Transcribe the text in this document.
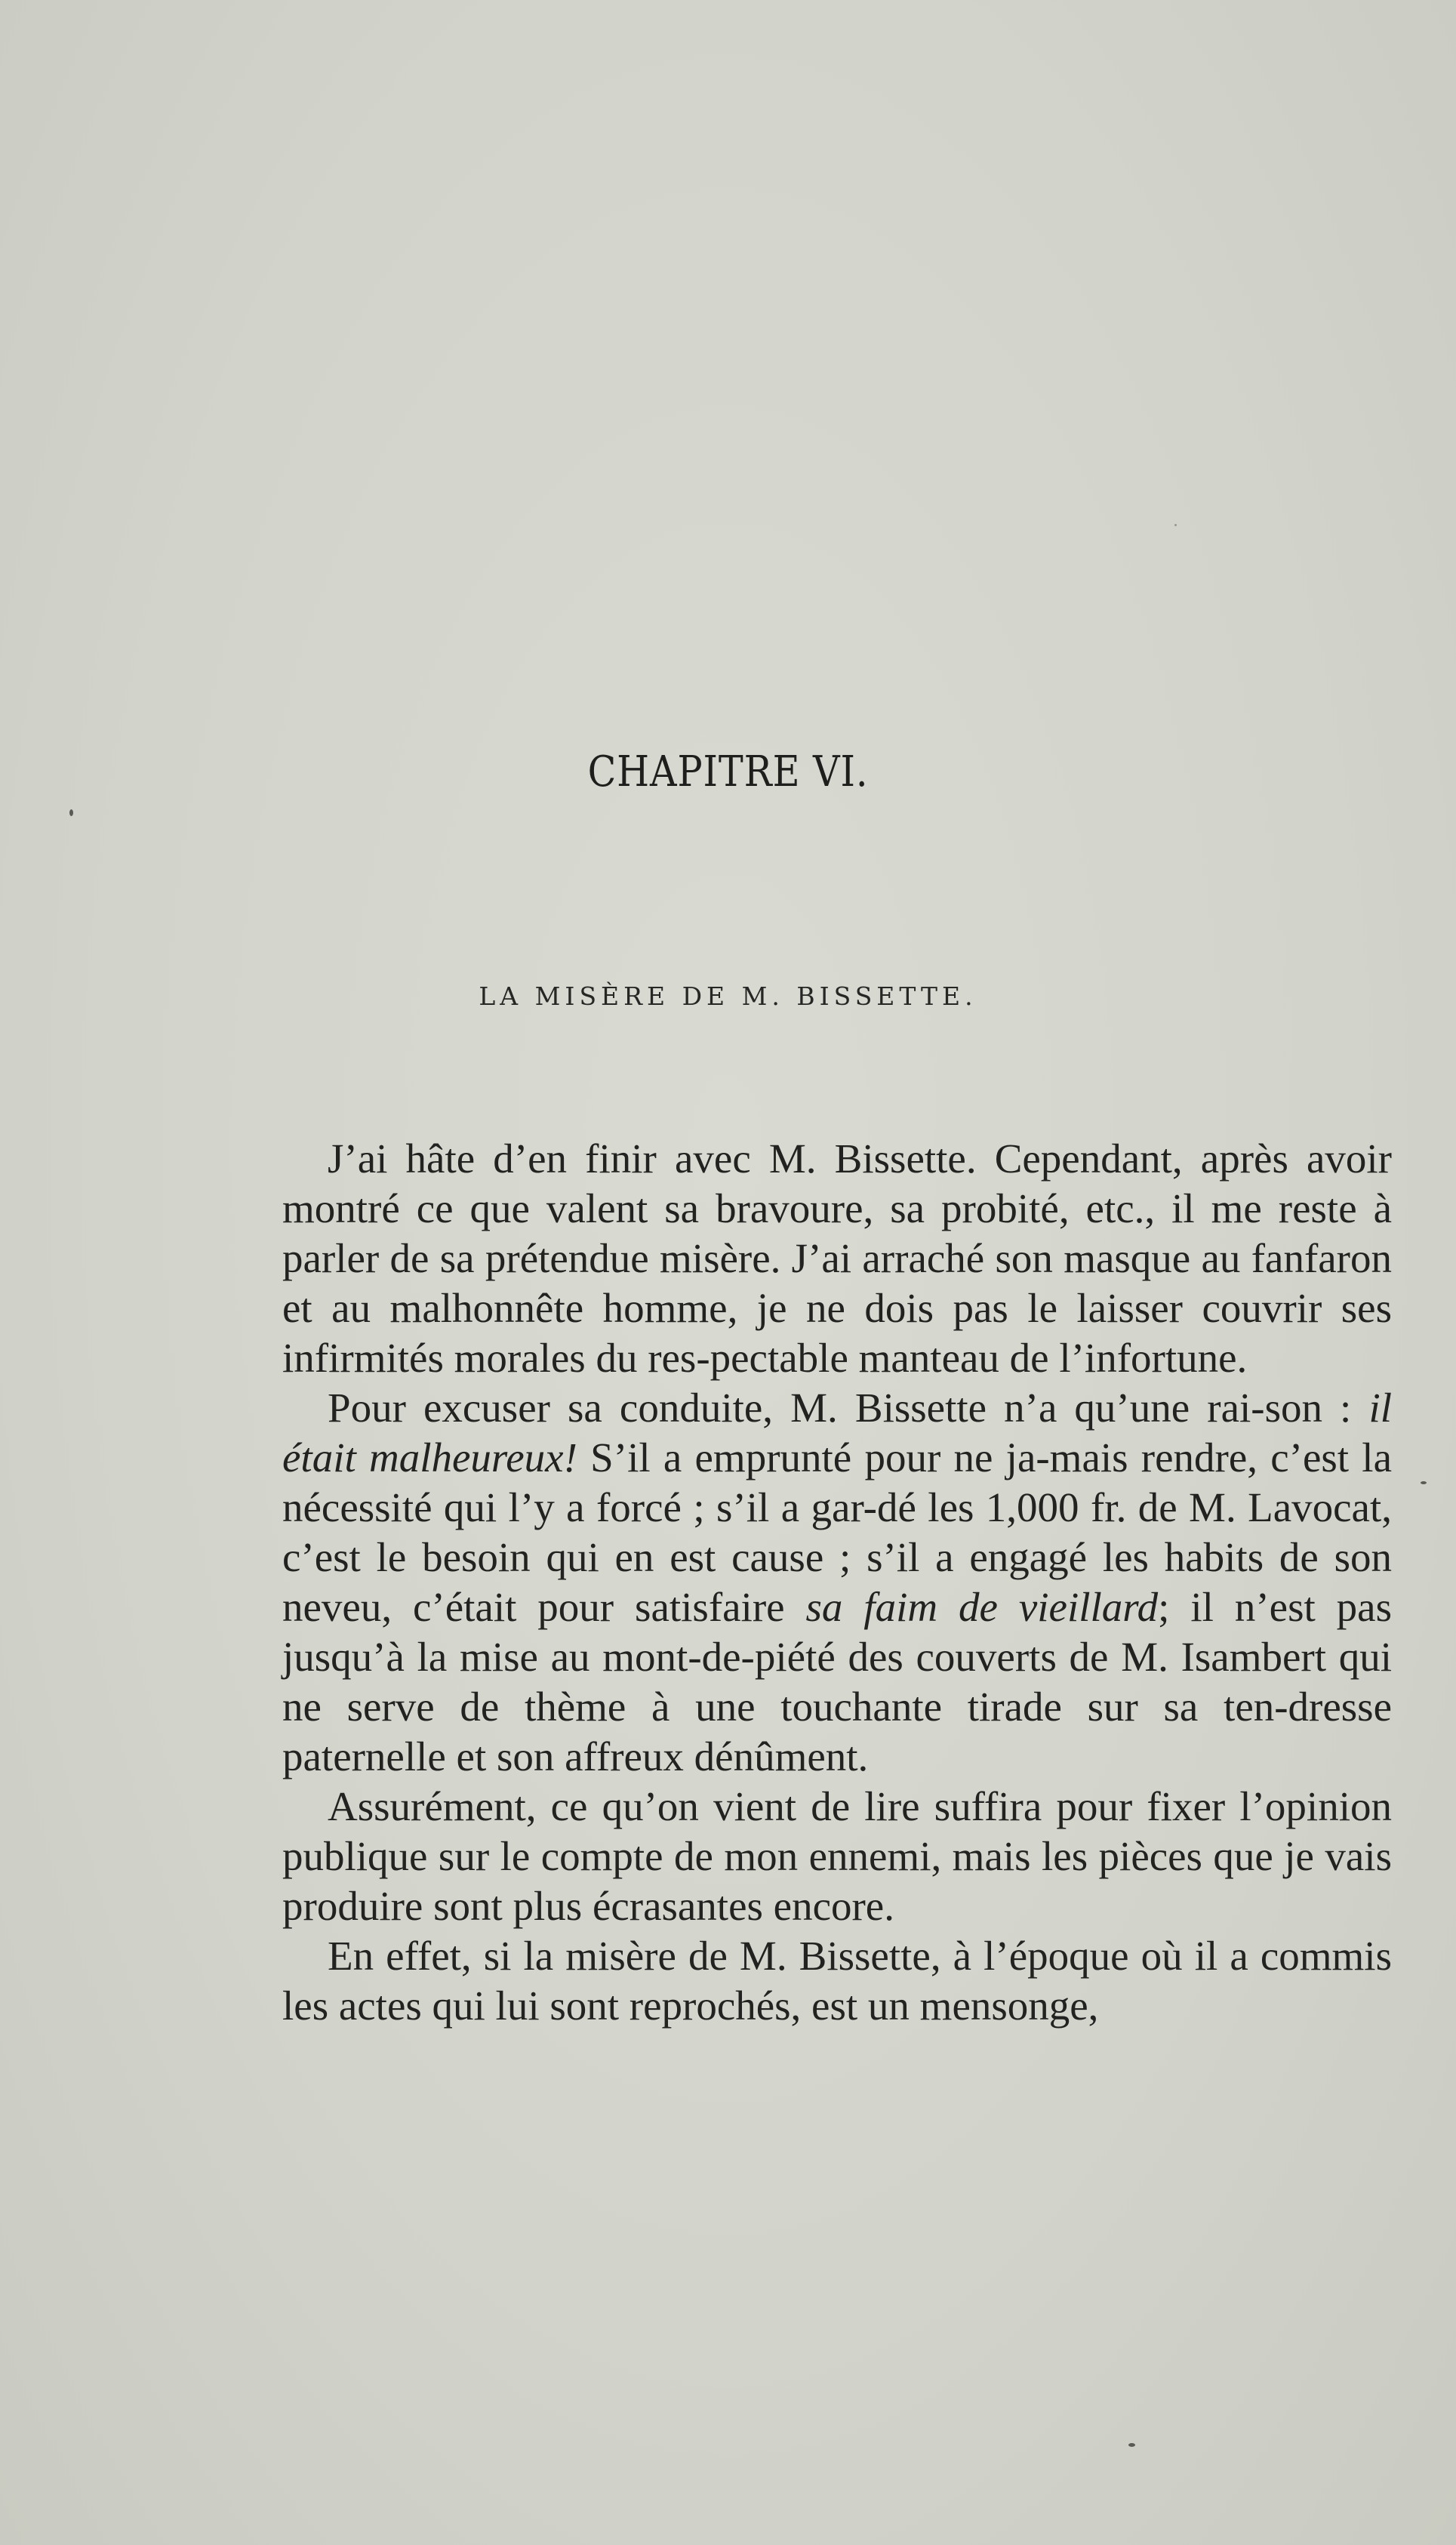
CHAPITRE VI.
LA MISÈRE DE M. BISSETTE.

J’ai hâte d’en finir avec M. Bissette. Cependant, après avoir montré ce que valent sa bravoure, sa probité, etc., il me reste à parler de sa prétendue misère. J’ai arraché son masque au fanfaron et au malhonnête homme, je ne dois pas le laisser couvrir ses infirmités morales du res-pectable manteau de l’infortune.

Pour excuser sa conduite, M. Bissette n’a qu’une rai-son : il était malheureux! S’il a emprunté pour ne ja-mais rendre, c’est la nécessité qui l’y a forcé ; s’il a gar-dé les 1,000 fr. de M. Lavocat, c’est le besoin qui en est cause ; s’il a engagé les habits de son neveu, c’était pour satisfaire sa faim de vieillard; il n’est pas jusqu’à la mise au mont-de-piété des couverts de M. Isambert qui ne serve de thème à une touchante tirade sur sa ten-dresse paternelle et son affreux dénûment.

Assurément, ce qu’on vient de lire suffira pour fixer l’opinion publique sur le compte de mon ennemi, mais les pièces que je vais produire sont plus écrasantes encore.

En effet, si la misère de M. Bissette, à l’époque où il a commis les actes qui lui sont reprochés, est un mensonge,
